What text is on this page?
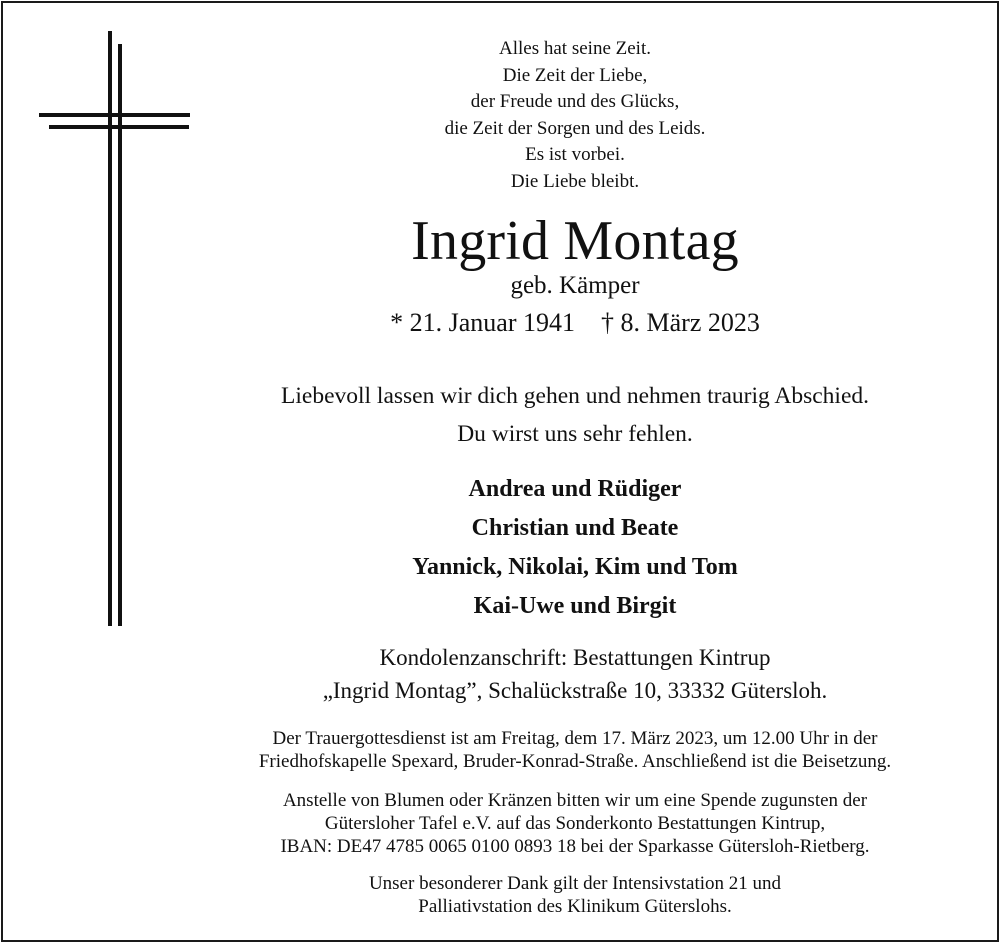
Alles hat seine Zeit.
Die Zeit der Liebe,
der Freude und des Glücks,
die Zeit der Sorgen und des Leids.
Es ist vorbei.
Die Liebe bleibt.
Ingrid Montag
geb. Kämper
* 21. Januar 1941    † 8. März 2023
Liebevoll lassen wir dich gehen und nehmen traurig Abschied.
Du wirst uns sehr fehlen.
Andrea und Rüdiger
Christian und Beate
Yannick, Nikolai, Kim und Tom
Kai-Uwe und Birgit
Kondolenzanschrift: Bestattungen Kintrup
„Ingrid Montag”, Schalückstraße 10, 33332 Gütersloh.
Der Trauergottesdienst ist am Freitag, dem 17. März 2023, um 12.00 Uhr in der
Friedhofskapelle Spexard, Bruder-Konrad-Straße. Anschließend ist die Beisetzung.
Anstelle von Blumen oder Kränzen bitten wir um eine Spende zugunsten der
Gütersloher Tafel e.V. auf das Sonderkonto Bestattungen Kintrup,
IBAN: DE47 4785 0065 0100 0893 18 bei der Sparkasse Gütersloh-Rietberg.
Unser besonderer Dank gilt der Intensivstation 21 und
Palliativstation des Klinikum Güterslohs.
